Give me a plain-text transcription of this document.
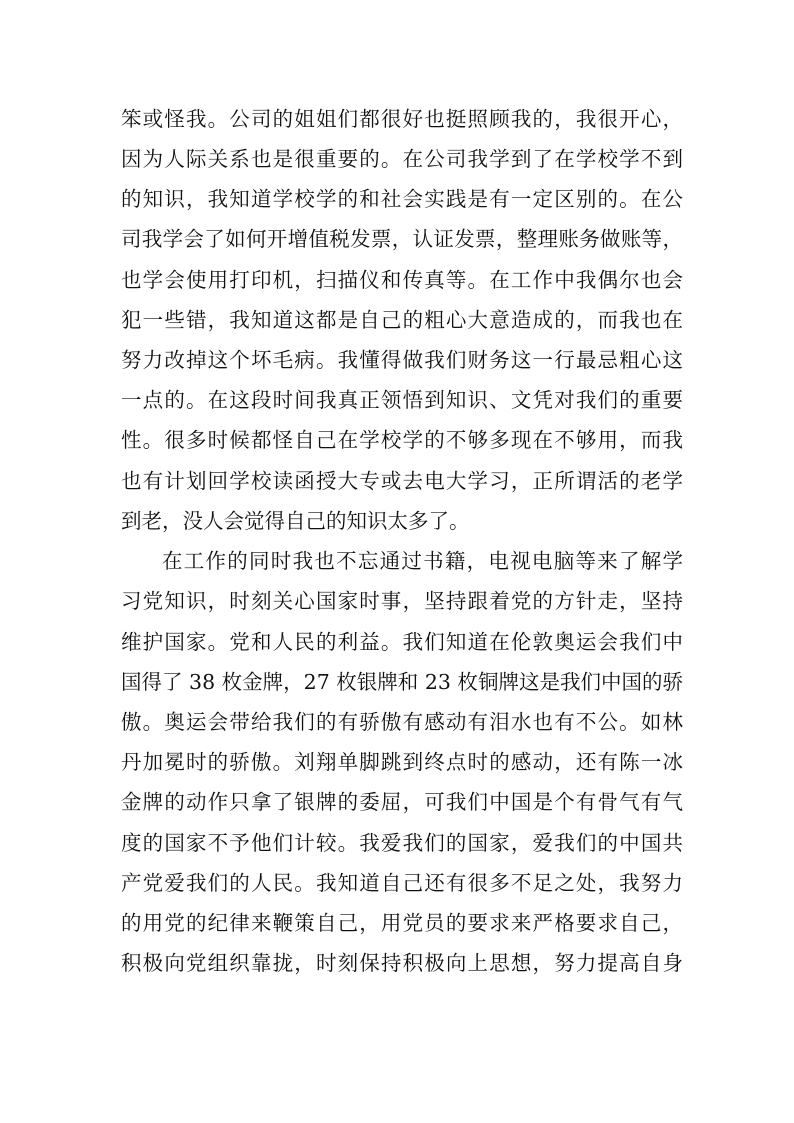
笨或怪我。公司的姐姐们都很好也挺照顾我的，我很开心，
因为人际关系也是很重要的。在公司我学到了在学校学不到
的知识，我知道学校学的和社会实践是有一定区别的。在公
司我学会了如何开增值税发票，认证发票，整理账务做账等，
也学会使用打印机，扫描仪和传真等。在工作中我偶尔也会
犯一些错，我知道这都是自己的粗心大意造成的，而我也在
努力改掉这个坏毛病。我懂得做我们财务这一行最忌粗心这
一点的。在这段时间我真正领悟到知识、文凭对我们的重要
性。很多时候都怪自己在学校学的不够多现在不够用，而我
也有计划回学校读函授大专或去电大学习，正所谓活的老学
到老，没人会觉得自己的知识太多了。
在工作的同时我也不忘通过书籍，电视电脑等来了解学
习党知识，时刻关心国家时事，坚持跟着党的方针走，坚持
维护国家。党和人民的利益。我们知道在伦敦奥运会我们中
国得了 38 枚金牌，27 枚银牌和 23 枚铜牌这是我们中国的骄
傲。奥运会带给我们的有骄傲有感动有泪水也有不公。如林
丹加冕时的骄傲。刘翔单脚跳到终点时的感动，还有陈一冰
金牌的动作只拿了银牌的委屈，可我们中国是个有骨气有气
度的国家不予他们计较。我爱我们的国家，爱我们的中国共
产党爱我们的人民。我知道自己还有很多不足之处，我努力
的用党的纪律来鞭策自己，用党员的要求来严格要求自己，
积极向党组织靠拢，时刻保持积极向上思想，努力提高自身
